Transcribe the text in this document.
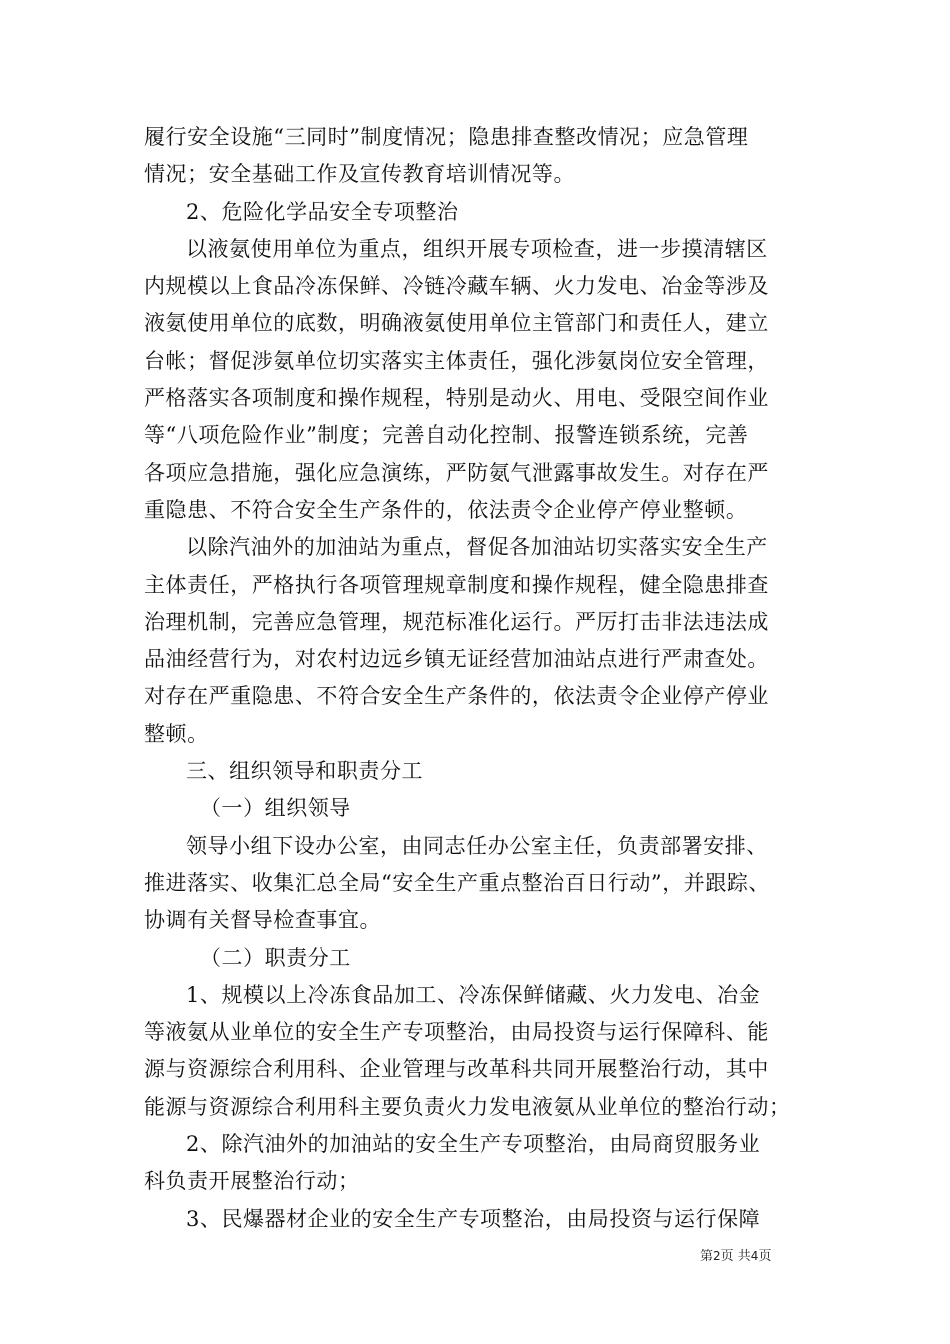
履行安全设施“三同时”制度情况；隐患排查整改情况；应急管理
情况；安全基础工作及宣传教育培训情况等。
2、危险化学品安全专项整治
以液氨使用单位为重点，组织开展专项检查，进一步摸清辖区
内规模以上食品冷冻保鲜、冷链冷藏车辆、火力发电、冶金等涉及
液氨使用单位的底数，明确液氨使用单位主管部门和责任人，建立
台帐；督促涉氨单位切实落实主体责任，强化涉氨岗位安全管理，
严格落实各项制度和操作规程，特别是动火、用电、受限空间作业
等“八项危险作业”制度；完善自动化控制、报警连锁系统，完善
各项应急措施，强化应急演练，严防氨气泄露事故发生。对存在严
重隐患、不符合安全生产条件的，依法责令企业停产停业整顿。
以除汽油外的加油站为重点，督促各加油站切实落实安全生产
主体责任，严格执行各项管理规章制度和操作规程，健全隐患排查
治理机制，完善应急管理，规范标准化运行。严厉打击非法违法成
品油经营行为，对农村边远乡镇无证经营加油站点进行严肃查处。
对存在严重隐患、不符合安全生产条件的，依法责令企业停产停业
整顿。
三、组织领导和职责分工
（一）组织领导
领导小组下设办公室，由同志任办公室主任，负责部署安排、
推进落实、收集汇总全局“安全生产重点整治百日行动”，并跟踪、
协调有关督导检查事宜。
（二）职责分工
1、规模以上冷冻食品加工、冷冻保鲜储藏、火力发电、冶金
等液氨从业单位的安全生产专项整治，由局投资与运行保障科、能
源与资源综合利用科、企业管理与改革科共同开展整治行动，其中
能源与资源综合利用科主要负责火力发电液氨从业单位的整治行动；
2、除汽油外的加油站的安全生产专项整治，由局商贸服务业
科负责开展整治行动；
3、民爆器材企业的安全生产专项整治，由局投资与运行保障
第2页 共4页
